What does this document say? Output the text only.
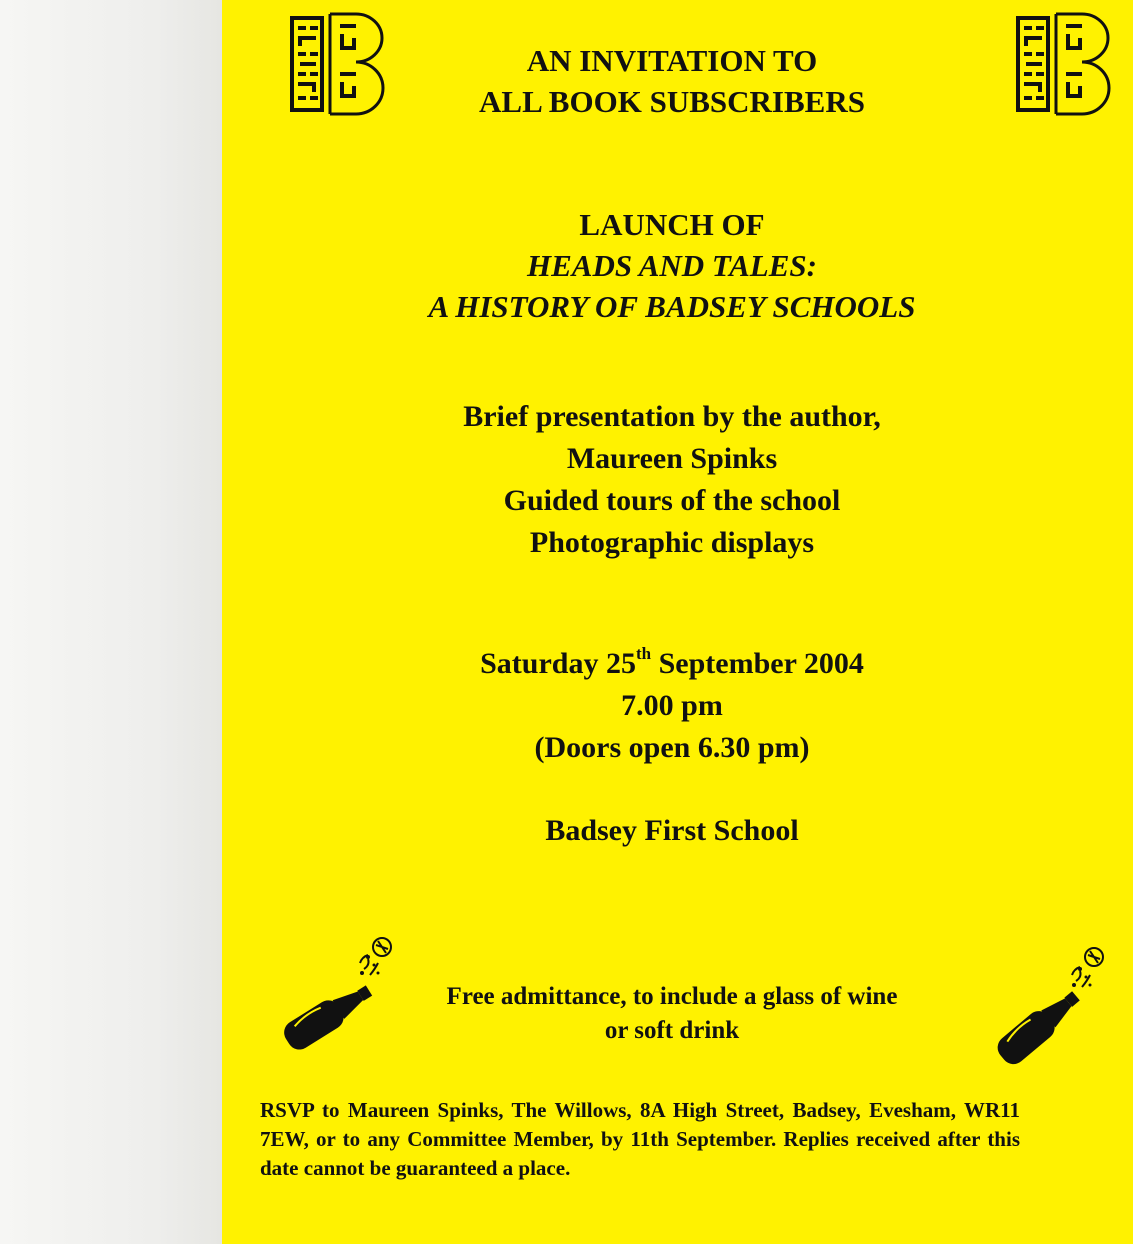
AN INVITATION TO
ALL BOOK SUBSCRIBERS
LAUNCH OF
HEADS AND TALES:
A HISTORY OF BADSEY SCHOOLS
Brief presentation by the author,
Maureen Spinks
Guided tours of the school
Photographic displays
Saturday 25th September 2004
7.00 pm
(Doors open 6.30 pm)
Badsey First School
Free admittance, to include a glass of wine
or soft drink
RSVP to Maureen Spinks, The Willows, 8A High Street, Badsey, Evesham, WR11 7EW, or to any Committee Member, by 11th September. Replies received after this date cannot be guaranteed a place.
